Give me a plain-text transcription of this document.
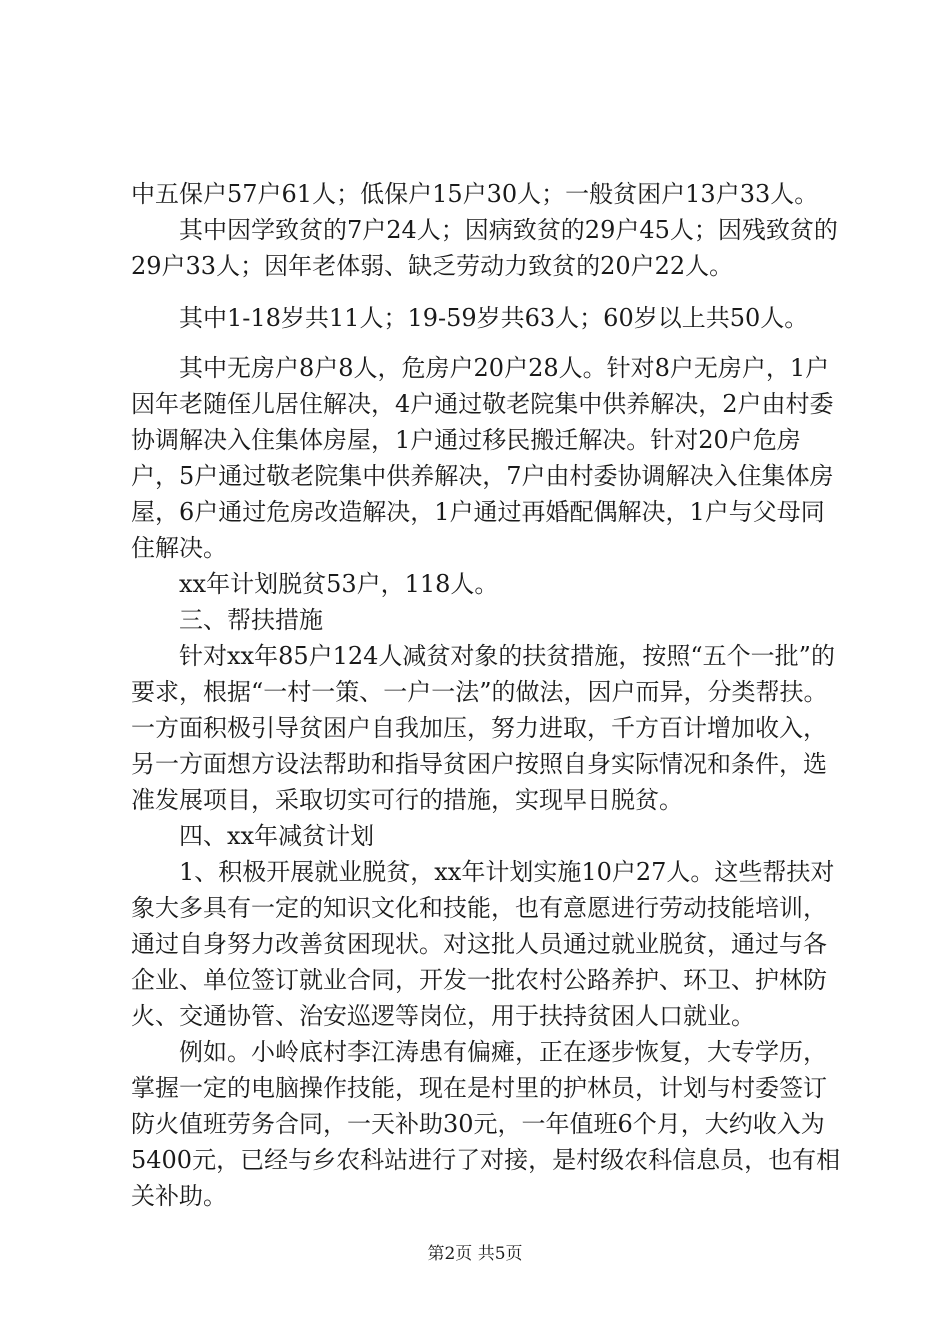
中五保户57户61人；低保户15户30人；一般贫困户13户33人。

　　其中因学致贫的7户24人；因病致贫的29户45人；因残致贫的29户33人；因年老体弱、缺乏劳动力致贫的20户22人。

　　其中1-18岁共11人；19-59岁共63人；60岁以上共50人。

　　其中无房户8户8人，危房户20户28人。针对8户无房户，1户因年老随侄儿居住解决，4户通过敬老院集中供养解决，2户由村委协调解决入住集体房屋，1户通过移民搬迁解决。针对20户危房户，5户通过敬老院集中供养解决，7户由村委协调解决入住集体房屋，6户通过危房改造解决，1户通过再婚配偶解决，1户与父母同住解决。

　　xx年计划脱贫53户，118人。

　　三、帮扶措施

　　针对xx年85户124人减贫对象的扶贫措施，按照“五个一批”的要求，根据“一村一策、一户一法”的做法，因户而异，分类帮扶。一方面积极引导贫困户自我加压，努力进取，千方百计增加收入，另一方面想方设法帮助和指导贫困户按照自身实际情况和条件，选准发展项目，采取切实可行的措施，实现早日脱贫。

　　四、xx年减贫计划

　　1、积极开展就业脱贫，xx年计划实施10户27人。这些帮扶对象大多具有一定的知识文化和技能，也有意愿进行劳动技能培训，通过自身努力改善贫困现状。对这批人员通过就业脱贫，通过与各企业、单位签订就业合同，开发一批农村公路养护、环卫、护林防火、交通协管、治安巡逻等岗位，用于扶持贫困人口就业。

　　例如。小岭底村李江涛患有偏瘫，正在逐步恢复，大专学历，掌握一定的电脑操作技能，现在是村里的护林员，计划与村委签订防火值班劳务合同，一天补助30元，一年值班6个月，大约收入为5400元，已经与乡农科站进行了对接，是村级农科信息员，也有相关补助。

第2页 共5页
